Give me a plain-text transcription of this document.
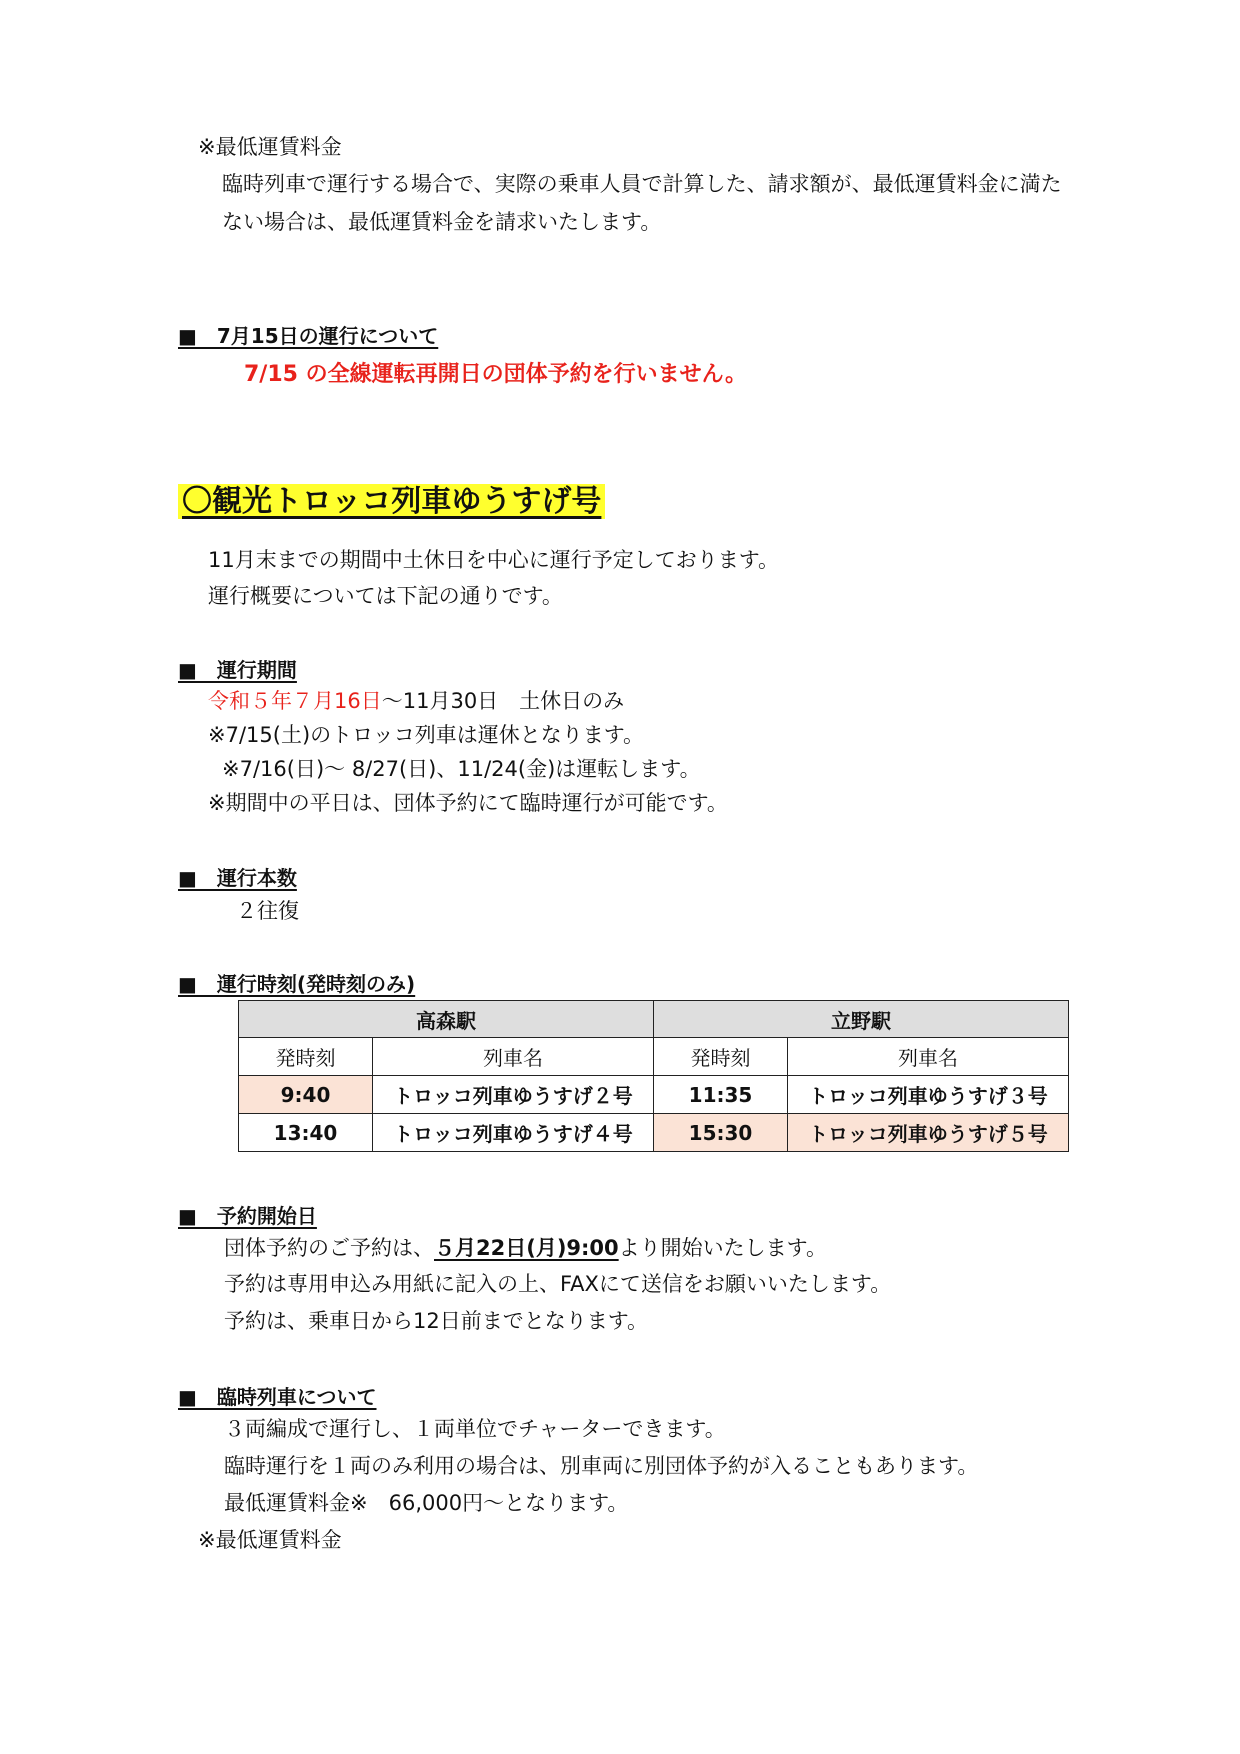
※最低運賃料金
臨時列車で運行する場合で、実際の乗車人員で計算した、請求額が、最低運賃料金に満た
ない場合は、最低運賃料金を請求いたします。
■　7月15日の運行について
7/15 の全線運転再開日の団体予約を行いません。
〇観光トロッコ列車ゆうすげ号
11月末までの期間中土休日を中心に運行予定しております。
運行概要については下記の通りです。
■　運行期間
令和５年７月16日～11月30日　土休日のみ
※7/15(土)のトロッコ列車は運休となります。
※7/16(日)～ 8/27(日)、11/24(金)は運転します。
※期間中の平日は、団体予約にて臨時運行が可能です。
■　運行本数
２往復
■　運行時刻(発時刻のみ)
高森駅		立野駅	
発時刻	列車名	発時刻	列車名
9:40	トロッコ列車ゆうすげ２号	11:35	トロッコ列車ゆうすげ３号
13:40	トロッコ列車ゆうすげ４号	15:30	トロッコ列車ゆうすげ５号
■　予約開始日
団体予約のご予約は、５月22日(月)9:00より開始いたします。
予約は専用申込み用紙に記入の上、FAXにて送信をお願いいたします。
予約は、乗車日から12日前までとなります。
■　臨時列車について
３両編成で運行し、１両単位でチャーターできます。
臨時運行を１両のみ利用の場合は、別車両に別団体予約が入ることもあります。
最低運賃料金※　66,000円～となります。
※最低運賃料金
